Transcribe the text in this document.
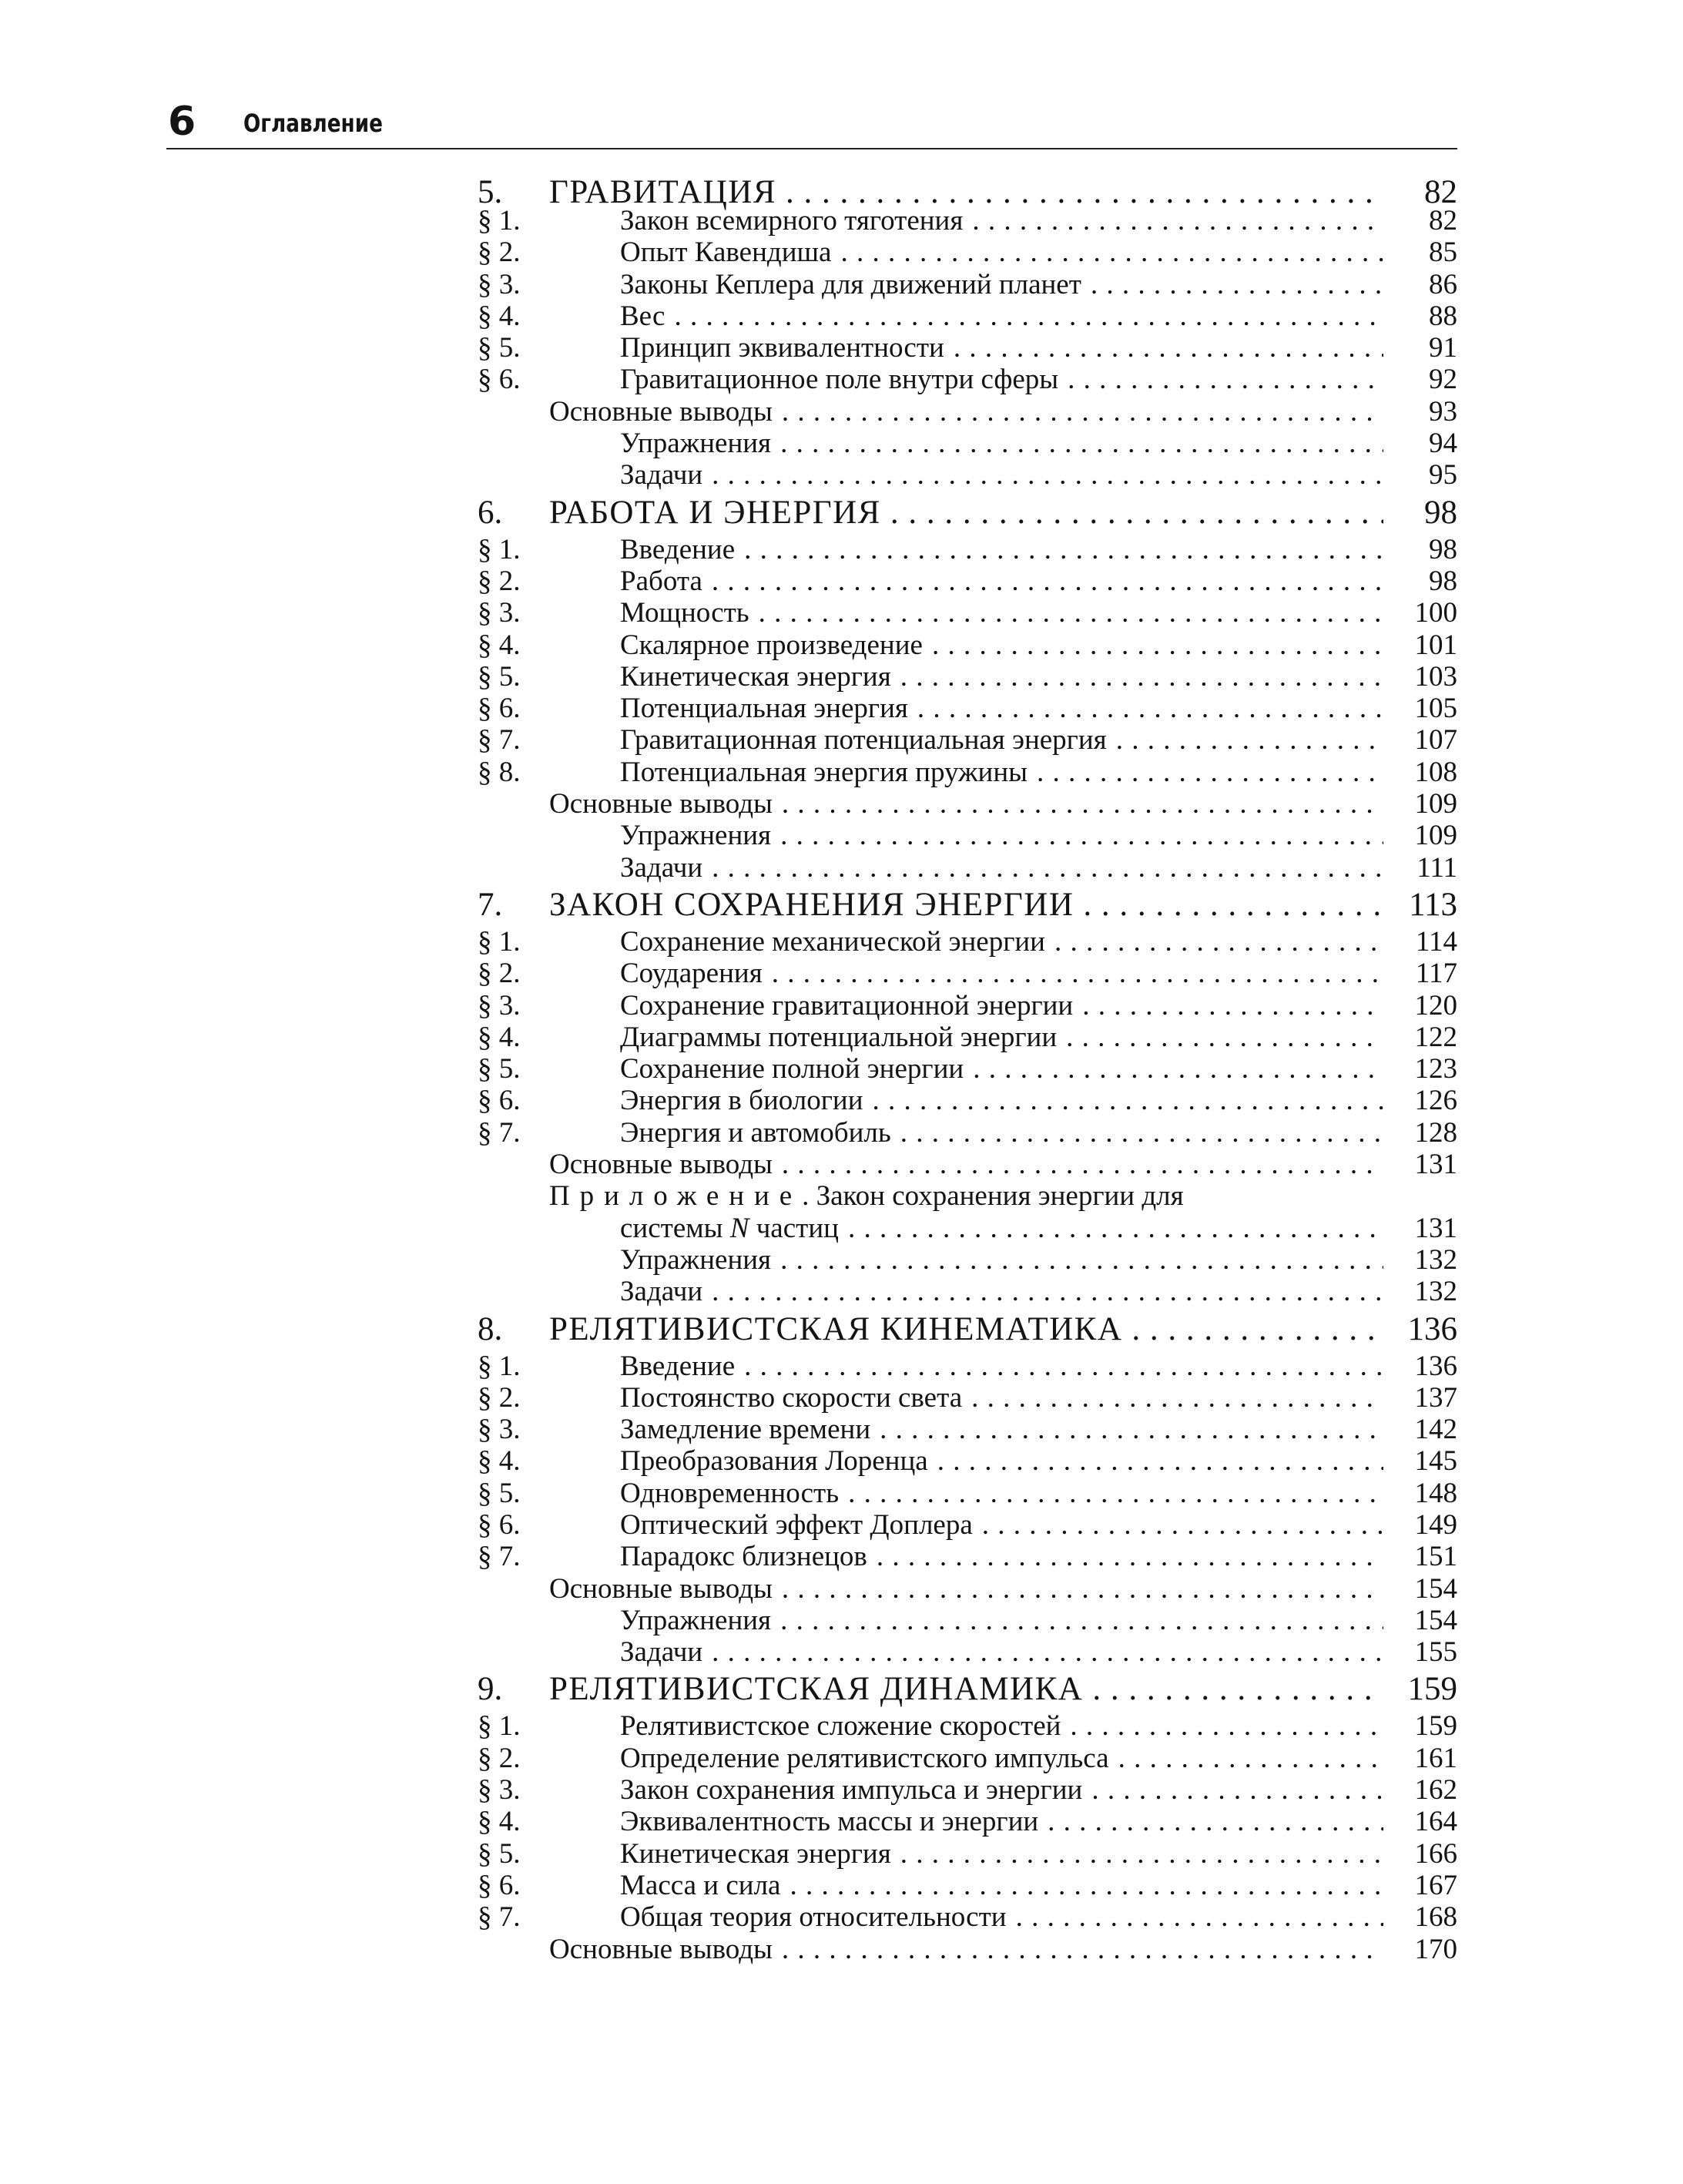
6 Оглавление
5. ГРАВИТАЦИЯ . . .	82
§ 1.	Закон всемирного тяготения . . .	82
§ 2.	Опыт Кавендиша . . .	85
§ 3.	Законы Кеплера для движений планет . . .	86
§ 4.	Вес . . .	88
§ 5.	Принцип эквивалентности . . .	91
§ 6.	Гравитационное поле внутри сферы . . .	92
Основные выводы . . .	93
Упражнения . . .	94
Задачи . . .	95
6. РАБОТА И ЭНЕРГИЯ . . .	98
§ 1.	Введение . . .	98
§ 2.	Работа . . .	98
§ 3.	Мощность . . .	100
§ 4.	Скалярное произведение . . .	101
§ 5.	Кинетическая энергия . . .	103
§ 6.	Потенциальная энергия . . .	105
§ 7.	Гравитационная потенциальная энергия . . .	107
§ 8.	Потенциальная энергия пружины . . .	108
Основные выводы . . .	109
Упражнения . . .	109
Задачи . . .	111
7. ЗАКОН СОХРАНЕНИЯ ЭНЕРГИИ . . .	113
§ 1.	Сохранение механической энергии . . .	114
§ 2.	Соударения . . .	117
§ 3.	Сохранение гравитационной энергии . . .	120
§ 4.	Диаграммы потенциальной энергии . . .	122
§ 5.	Сохранение полной энергии . . .	123
§ 6.	Энергия в биологии . . .	126
§ 7.	Энергия и автомобиль . . .	128
Основные выводы . . .	131
Приложение . Закон сохранения энергии для
системы N частиц . . .	131
Упражнения . . .	132
Задачи . . .	132
8. РЕЛЯТИВИСТСКАЯ КИНЕМАТИКА . . .	136
§ 1.	Введение . . .	136
§ 2.	Постоянство скорости света . . .	137
§ 3.	Замедление времени . . .	142
§ 4.	Преобразования Лоренца . . .	145
§ 5.	Одновременность . . .	148
§ 6.	Оптический эффект Доплера . . .	149
§ 7.	Парадокс близнецов . . .	151
Основные выводы . . .	154
Упражнения . . .	154
Задачи . . .	155
9. РЕЛЯТИВИСТСКАЯ ДИНАМИКА . . .	159
§ 1.	Релятивистское сложение скоростей . . .	159
§ 2.	Определение релятивистского импульса . . .	161
§ 3.	Закон сохранения импульса и энергии . . .	162
§ 4.	Эквивалентность массы и энергии . . .	164
§ 5.	Кинетическая энергия . . .	166
§ 6.	Масса и сила . . .	167
§ 7.	Общая теория относительности . . .	168
Основные выводы . . .	170
